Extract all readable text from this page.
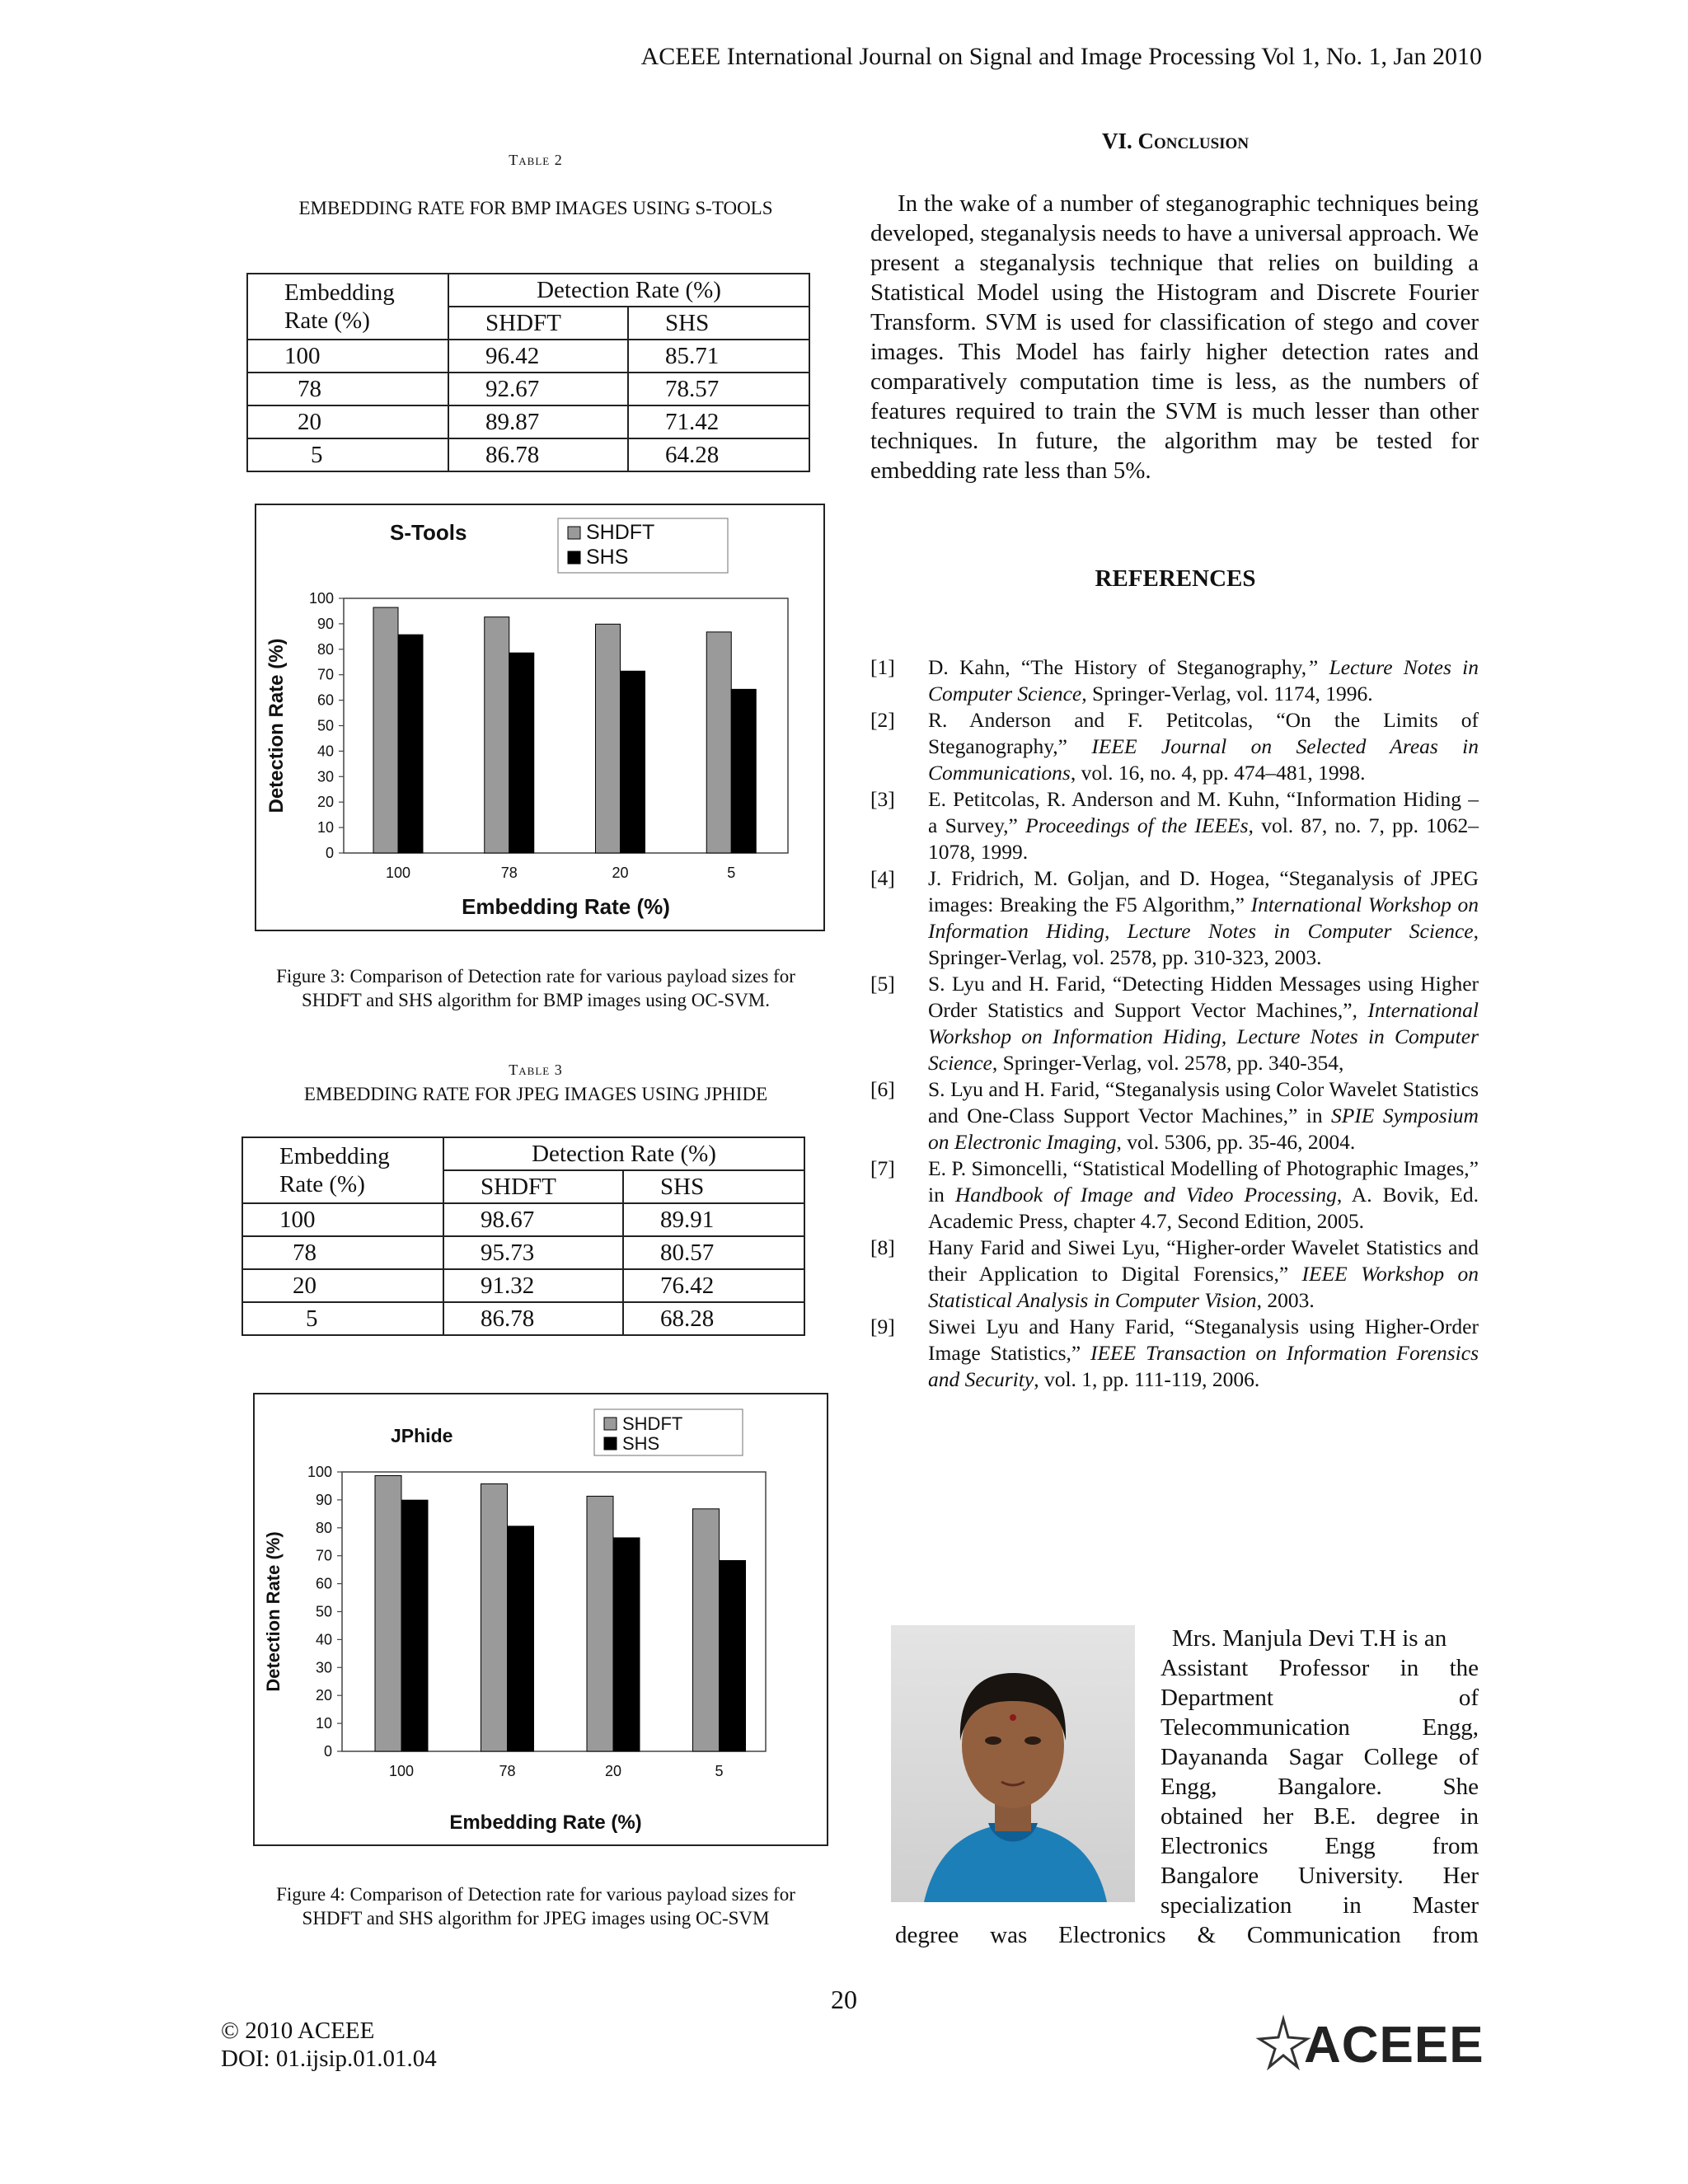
ACEEE International Journal on Signal and Image Processing Vol 1, No. 1, Jan 2010
Table 2
EMBEDDING RATE FOR BMP IMAGES USING S-TOOLS
Embedding
Rate (%)	Detection Rate (%)	
	SHDFT	SHS
100	96.42	85.71
78	92.67	78.57
20	89.87	71.42
5	86.78	64.28
S-Tools	SHDFT
SHS
0
10
20
30
40
50
60
70
80
90
100
Detection Rate (%)
100	78	20	5
Embedding Rate (%)
Figure 3: Comparison of Detection rate for various payload sizes for
SHDFT and SHS algorithm for BMP images using OC-SVM.
Table 3
EMBEDDING RATE FOR JPEG IMAGES USING JPHIDE
Embedding
Rate (%)	Detection Rate (%)	
	SHDFT	SHS
100	98.67	89.91
78	95.73	80.57
20	91.32	76.42
5	86.78	68.28
JPhide
SHDFT
SHS
0
10
20
30
40
50
60
70
80
90
100
Detection Rate (%)
100	78	20	5
Embedding Rate (%)
Figure 4: Comparison of Detection rate for various payload sizes for
SHDFT and SHS algorithm for JPEG images using OC-SVM
VI. Conclusion
In the wake of a number of steganographic techniques being developed, steganalysis needs to have a universal approach. We present a steganalysis technique that relies on building a Statistical Model using the Histogram and Discrete Fourier Transform. SVM is used for classification of stego and cover images. This Model has fairly higher detection rates and comparatively computation time is less, as the numbers of features required to train the SVM is much lesser than other techniques. In future, the algorithm may be tested for embedding rate less than 5%.
REFERENCES
[1] D. Kahn, “The History of Steganography,” Lecture Notes in Computer Science, Springer-Verlag, vol. 1174, 1996.
[2] R. Anderson and F. Petitcolas, “On the Limits of Steganography,” IEEE Journal on Selected Areas in Communications, vol. 16, no. 4, pp. 474–481, 1998.
[3] E. Petitcolas, R. Anderson and M. Kuhn, “Information Hiding – a Survey,” Proceedings of the IEEEs, vol. 87, no. 7, pp. 1062–1078, 1999.
[4] J. Fridrich, M. Goljan, and D. Hogea, “Steganalysis of JPEG images: Breaking the F5 Algorithm,” International Workshop on Information Hiding, Lecture Notes in Computer Science, Springer-Verlag, vol. 2578, pp. 310-323, 2003.
[5] S. Lyu and H. Farid, “Detecting Hidden Messages using Higher Order Statistics and Support Vector Machines,”, International Workshop on Information Hiding, Lecture Notes in Computer Science, Springer-Verlag, vol. 2578, pp. 340-354,
[6] S. Lyu and H. Farid, “Steganalysis using Color Wavelet Statistics and One-Class Support Vector Machines,” in SPIE Symposium on Electronic Imaging, vol. 5306, pp. 35-46, 2004.
[7] E. P. Simoncelli, “Statistical Modelling of Photographic Images,” in Handbook of Image and Video Processing, A. Bovik, Ed. Academic Press, chapter 4.7, Second Edition, 2005.
[8] Hany Farid and Siwei Lyu, “Higher-order Wavelet Statistics and their Application to Digital Forensics,” IEEE Workshop on Statistical Analysis in Computer Vision, 2003.
[9] Siwei Lyu and Hany Farid, “Steganalysis using Higher-Order Image Statistics,” IEEE Transaction on Information Forensics and Security, vol. 1, pp. 111-119, 2006.
Mrs. Manjula Devi T.H is an
Assistant Professor in the
Department of
Telecommunication Engg,
Dayananda Sagar College of
Engg, Bangalore. She
obtained her B.E. degree in
Electronics Engg from
Bangalore University. Her
specialization in Master
degree was Electronics & Communication from
20
© 2010 ACEEE
DOI: 01.ijsip.01.01.04	ACEEE
